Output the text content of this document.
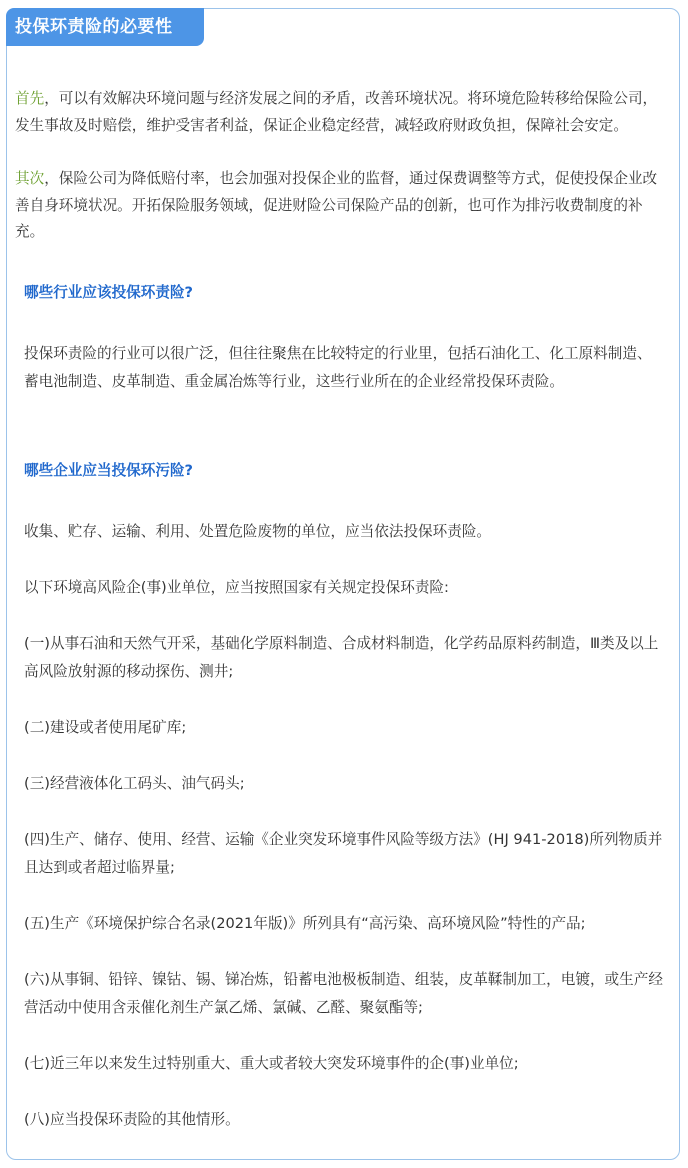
投保环责险的必要性
首先，可以有效解决环境问题与经济发展之间的矛盾，改善环境状况。将环境危险转移给保险公司，发生事故及时赔偿，维护受害者利益，保证企业稳定经营，减轻政府财政负担，保障社会安定。
其次，保险公司为降低赔付率，也会加强对投保企业的监督，通过保费调整等方式，促使投保企业改善自身环境状况。开拓保险服务领域，促进财险公司保险产品的创新，也可作为排污收费制度的补充。
哪些行业应该投保环责险?
投保环责险的行业可以很广泛，但往往聚焦在比较特定的行业里，包括石油化工、化工原料制造、蓄电池制造、皮革制造、重金属冶炼等行业，这些行业所在的企业经常投保环责险。
哪些企业应当投保环污险?
收集、贮存、运输、利用、处置危险废物的单位，应当依法投保环责险。
以下环境高风险企(事)业单位，应当按照国家有关规定投保环责险:
(一)从事石油和天然气开采，基础化学原料制造、合成材料制造，化学药品原料药制造，Ⅲ类及以上高风险放射源的移动探伤、测井;
(二)建设或者使用尾矿库;
(三)经营液体化工码头、油气码头;
(四)生产、储存、使用、经营、运输《企业突发环境事件风险等级方法》(HJ 941-2018)所列物质并且达到或者超过临界量;
(五)生产《环境保护综合名录(2021年版)》所列具有“高污染、高环境风险”特性的产品;
(六)从事铜、铅锌、镍钴、锡、锑冶炼，铅蓄电池极板制造、组装，皮革鞣制加工，电镀，或生产经营活动中使用含汞催化剂生产氯乙烯、氯碱、乙醛、聚氨酯等;
(七)近三年以来发生过特别重大、重大或者较大突发环境事件的企(事)业单位;
(八)应当投保环责险的其他情形。
